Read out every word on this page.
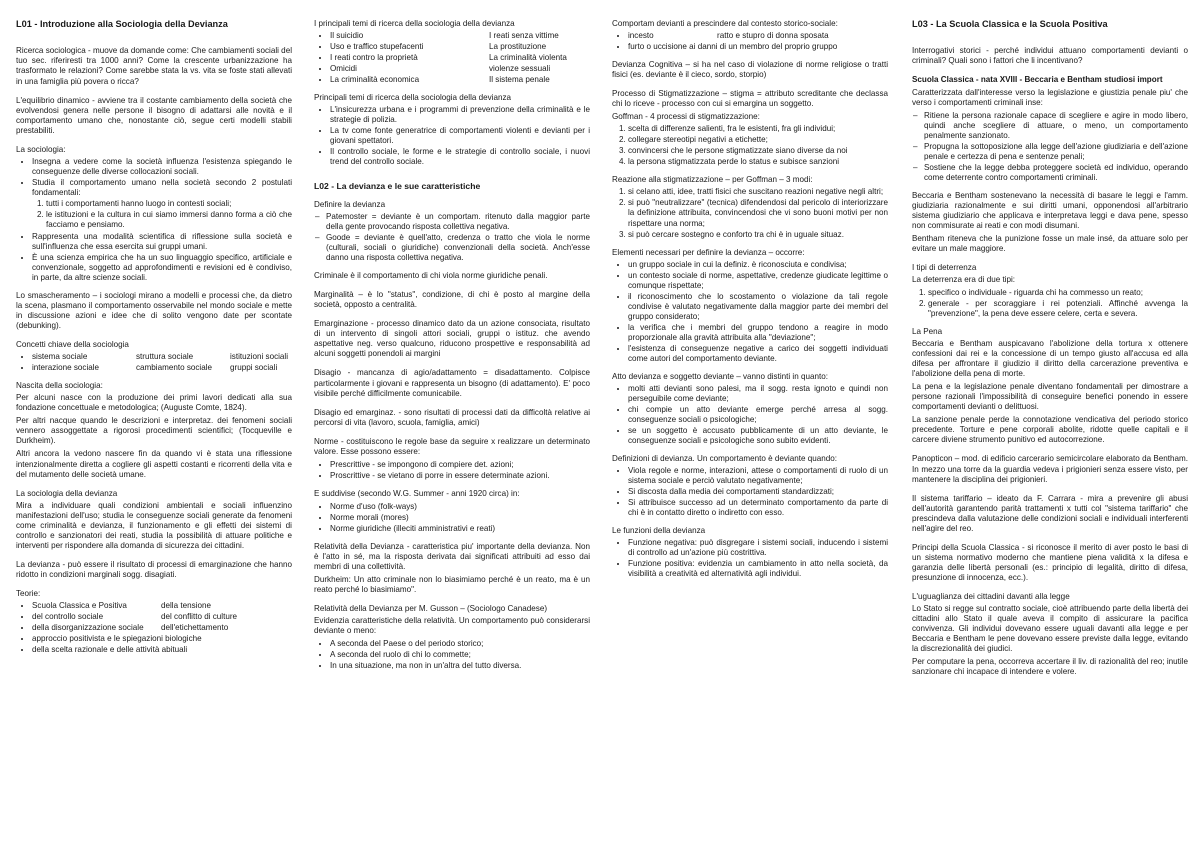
L01 - Introduzione alla Sociologia della Devianza

Ricerca sociologica - muove da domande come: Che cambiamenti sociali del tuo sec. riferiresti tra 1000 anni? Come la crescente urbanizzazione ha trasformato le relazioni? Come sarebbe stata la vs. vita se foste stati allevati in una famiglia più povera o ricca?

L'equilibrio dinamico - avviene tra il costante cambiamento della società che evolvendosi genera nelle persone il bisogno di adattarsi alle novità e il comportamento umano che, nonostante ciò, segue certi modelli stabili prestabiliti.

La sociologia:
• Insegna a vedere come la società influenza l'esistenza spiegando le conseguenze delle diverse collocazioni sociali.
• Studia il comportamento umano nella società secondo 2 postulati fondamentali:
1. tutti i comportamenti hanno luogo in contesti sociali;
2. le istituzioni e la cultura in cui siamo immersi danno forma a ciò che facciamo e pensiamo.
• Rappresenta una modalità scientifica di riflessione sulla società e sull'influenza che essa esercita sui gruppi umani.
• È una scienza empirica che ha un suo linguaggio specifico, artificiale e convenzionale, soggetto ad approfondimenti e revisioni ed è condiviso, in parte, da altre scienze sociali.

Lo smascheramento – i sociologi mirano a modelli e processi che, da dietro la scena, plasmano il comportamento osservabile nel mondo sociale e mette in discussione azioni e idee che di solito vengono date per scontate (debunking).

Concetti chiave della sociologia
• sistema sociale	struttura sociale	istituzioni sociali
• interazione sociale	cambiamento sociale	gruppi sociali
Nascita della sociologia:

Per alcuni nasce con la produzione dei primi lavori dedicati alla sua fondazione concettuale e metodologica; (Auguste Comte, 1824).

Per altri nacque quando le descrizioni e interpretaz. dei fenomeni sociali vennero assoggettate a rigorosi procedimenti scientifici; (Tocqueville e Durkheim).

Altri ancora la vedono nascere fin da quando vi è stata una riflessione intenzionalmente diretta a cogliere gli aspetti costanti e ricorrenti della vita e del mutamento delle società umane.

La sociologia della devianza

Mira a individuare quali condizioni ambientali e sociali influenzino manifestazioni dell'uso; studia le conseguenze sociali generate da fenomeni come criminalità e devianza, il funzionamento e gli effetti dei sistemi di controllo e sanzionatori dei reati, studia la possibilità di attuare politiche e interventi per rispondere alla domanda di sicurezza dei cittadini.

La devianza - può essere il risultato di processi di emarginazione che hanno ridotto in condizioni marginali sogg. disagiati.

Teorie:
• Scuola Classica e Positiva	della tensione
• del controllo sociale	del conflitto di culture
• della disorganizzazione sociale	dell'etichettamento
• approccio positivista e le spiegazioni biologiche
• della scelta razionale e delle attività abituali
I principali temi di ricerca della sociologia della devianza
• Il suicidio	I reati senza vittime
• Uso e traffico stupefacenti	La prostituzione
• I reati contro la proprietà	La criminalità violenta
• Omicidi	violenze sessuali
• La criminalità economica	Il sistema penale
Principali temi di ricerca della sociologia della devianza
• L'insicurezza urbana e i programmi di prevenzione della criminalità e le strategie di polizia.
• La tv come fonte generatrice di comportamenti violenti e devianti per i giovani spettatori.
• Il controllo sociale, le forme e le strategie di controllo sociale, i nuovi trend del controllo sociale.
L02 - La devianza e le sue caratteristiche
Definire la devianza
– Patemoster = deviante è un comportam. ritenuto dalla maggior parte della gente provocando risposta collettiva negativa.
– Goode = deviante è quell'atto, credenza o tratto che viola le norme (culturali, sociali o giuridiche) convenzionali della società. Anch'esse danno una risposta collettiva negativa.

Criminale è il comportamento di chi viola norme giuridiche penali.

Marginalità – è lo "status", condizione, di chi è posto al margine della società, opposto a centralità.

Emarginazione - processo dinamico dato da un azione consociata, risultato di un intervento di singoli attori sociali, gruppi o istituz. che avendo aspettative neg. verso qualcuno, riducono prospettive e responsabilità ad alcuni soggetti ponendoli ai margini

Disagio - mancanza di agio/adattamento = disadattamento. Colpisce particolarmente i giovani e rappresenta un bisogno (di adattamento). E' poco visibile perché difficilmente comunicabile.

Disagio ed emarginaz. - sono risultati di processi dati da difficoltà relative ai percorsi di vita (lavoro, scuola, famiglia, amici)

Norme - costituiscono le regole base da seguire x realizzare un determinato valore. Esse possono essere:

• Prescrittive - se impongono di compiere det. azioni;
• Proscrittive - se vietano di porre in essere determinate azioni.

E suddivise (secondo W.G. Summer - anni 1920 circa) in:

• Norme d'uso (folk-ways)
• Norme morali (mores)
• Norme giuridiche (illeciti amministrativi e reati)

Relatività della Devianza - caratteristica piu' importante della devianza. Non è l'atto in sé, ma la risposta derivata dai significati attribuiti ad esso dai membri di una collettività.

Durkheim: Un atto criminale non lo biasimiamo perché è un reato, ma è un reato perché lo biasimiamo".

Relatività della Devianza per M. Gusson – (Sociologo Canadese)

Evidenzia caratteristiche della relatività. Un comportamento può considerarsi deviante o meno:

• A seconda del Paese o del periodo storico;
• A seconda del ruolo di chi lo commette;
• In una situazione, ma non in un'altra del tutto diversa.
Comportam devianti a prescindere dal contesto storico-sociale:
• incesto	ratto e stupro di donna sposata
• furto o uccisione ai danni di un membro del proprio gruppo

Devianza Cognitiva – si ha nel caso di violazione di norme religiose o tratti fisici (es. deviante è il cieco, sordo, storpio)

Processo di Stigmatizzazione – stigma = attributo screditante che declassa chi lo riceve - processo con cui si emargina un soggetto.

Goffman - 4 processi di stigmatizzazione:
1. scelta di differenze salienti, fra le esistenti, fra gli individui;
2. collegare stereotipi negativi a etichette;
3. convincersi che le persone stigmatizzate siano diverse da noi
4. la persona stigmatizzata perde lo status e subisce sanzioni
Reazione alla stigmatizzazione – per Goffman – 3 modi:
1. si celano atti, idee, tratti fisici che suscitano reazioni negative negli altri;
2. si può "neutralizzare" (tecnica) difendendosi dal pericolo di interiorizzare la definizione attribuita, convincendosi che vi sono buoni motivi per non rispettare una norma;
3. si può cercare sostegno e conforto tra chi è in uguale situaz.
Elementi necessari per definire la devianza – occorre:
• un gruppo sociale in cui la definiz. è riconosciuta e condivisa;
• un contesto sociale di norme, aspettative, credenze giudicate legittime o comunque rispettate;
• il riconoscimento che lo scostamento o violazione da tali regole condivise è valutato negativamente dalla maggior parte dei membri del gruppo considerato;
• la verifica che i membri del gruppo tendono a reagire in modo proporzionale alla gravità attribuita alla "deviazione";
• l'esistenza di conseguenze negative a carico dei soggetti individuati come autori del comportamento deviante.
Atto devianza e soggetto deviante – vanno distinti in quanto:
• molti atti devianti sono palesi, ma il sogg. resta ignoto e quindi non perseguibile come deviante;
• chi compie un atto deviante emerge perché arresa al sogg. conseguenze sociali o psicologiche;
• se un soggetto è accusato pubblicamente di un atto deviante, le conseguenze sociali e psicologiche sono subito evidenti.
Definizioni di devianza. Un comportamento è deviante quando:
• Viola regole e norme, interazioni, attese o comportamenti di ruolo di un sistema sociale e perciò valutato negativamente;
• Si discosta dalla media dei comportamenti standardizzati;
• Si attribuisce successo ad un determinato comportamento da parte di chi è in contatto diretto o indiretto con esso.
Le funzioni della devianza
• Funzione negativa: può disgregare i sistemi sociali, inducendo i sistemi di controllo ad un'azione più costrittiva.
• Funzione positiva: evidenzia un cambiamento in atto nella società, da visibilità a creatività ed alternatività agli individui.
L03 - La Scuola Classica e la Scuola Positiva

Interrogativi storici - perché individui attuano comportamenti devianti o criminali? Quali sono i fattori che li incentivano?

Scuola Classica - nata XVIII - Beccaria e Bentham studiosi import

Caratterizzata dall'interesse verso la legislazione e giustizia penale piu' che verso i comportamenti criminali inse:

– Ritiene la persona razionale capace di scegliere e agire in modo libero, quindi anche scegliere di attuare, o meno, un comportamento penalmente sanzionato.
– Propugna la sottoposizione alla legge dell'azione giudiziaria e dell'azione penale e certezza di pena e sentenze penali;
– Sostiene che la legge debba proteggere società ed individuo, operando come deterrente contro comportamenti criminali.

Beccaria e Bentham sostenevano la necessità di basare le leggi e l'amm. giudiziaria razionalmente e sui diritti umani, opponendosi all'arbitrario sistema giudiziario che applicava e interpretava leggi e dava pene, spesso non commisurate ai reati e con modi disumani.

Bentham riteneva che la punizione fosse un male insé, da attuare solo per evitare un male maggiore.

I tipi di deterrenza

La deterrenza era di due tipi:

1. specifico o individuale - riguarda chi ha commesso un reato;
2. generale - per scoraggiare i rei potenziali. Affinché avvenga la "prevenzione", la pena deve essere celere, certa e severa.
La Pena

Beccaria e Bentham auspicavano l'abolizione della tortura x ottenere confessioni dai rei e la concessione di un tempo giusto all'accusa ed alla difesa per affrontare il giudizio il diritto della carcerazione preventiva e l'abolizione della pena di morte.

La pena e la legislazione penale diventano fondamentali per dimostrare a persone razionali l'impossibilità di conseguire benefici ponendo in essere comportamenti devianti o delittuosi.

La sanzione penale perde la connotazione vendicativa del periodo storico precedente. Torture e pene corporali abolite, ridotte quelle capitali e il carcere diviene strumento punitivo ed autocorrezione.

Panopticon – mod. di edificio carcerario semicircolare elaborato da Bentham. In mezzo una torre da la guardia vedeva i prigionieri senza essere visto, per mantenere la disciplina dei prigionieri.

Il sistema tariffario – ideato da F. Carrara - mira a prevenire gli abusi dell'autorità garantendo parità trattamenti x tutti col "sistema tariffario" che prescindeva dalla valutazione delle condizioni sociali e individuali interferenti nell'agire del reo.

Principi della Scuola Classica - si riconosce il merito di aver posto le basi di un sistema normativo moderno che mantiene piena validità x la difesa e garanzia delle libertà personali (es.: principio di legalità, diritto di difesa, presunzione di innocenza, ecc.).

L'uguaglianza dei cittadini davanti alla legge

Lo Stato si regge sul contratto sociale, cioè attribuendo parte della libertà dei cittadini allo Stato il quale aveva il compito di assicurare la pacifica convivenza. Gli individui dovevano essere uguali davanti alla legge e per Beccaria e Bentham le pene dovevano essere previste dalla legge, evitando la discrezionalità dei giudici.

Per computare la pena, occorreva accertare il liv. di razionalità del reo; inutile sanzionare chi incapace di intendere e volere.
